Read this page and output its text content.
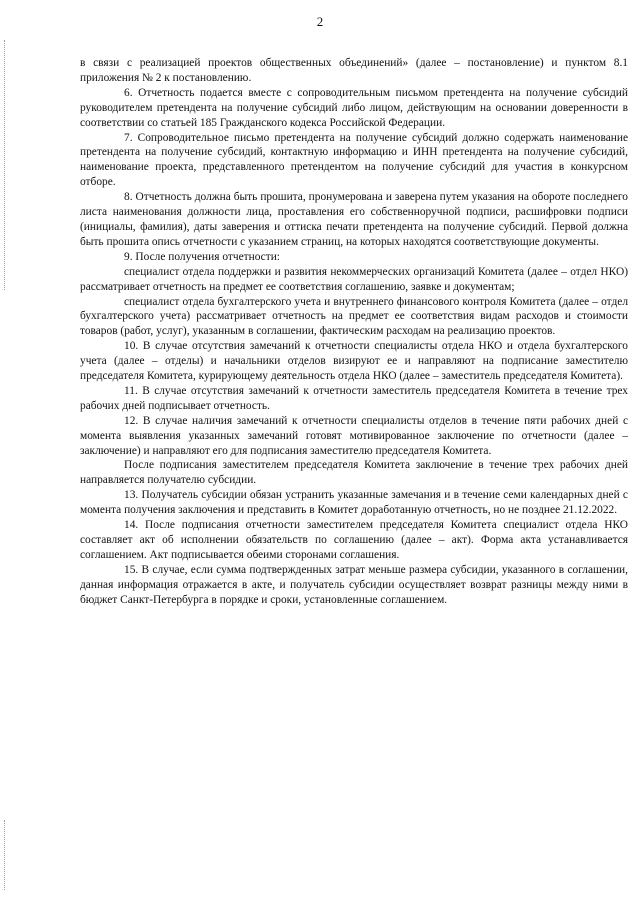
2

в связи с реализацией проектов общественных объединений» (далее – постановление) и пунктом 8.1 приложения № 2 к постановлению.

6. Отчетность подается вместе с сопроводительным письмом претендента на получение субсидий руководителем претендента на получение субсидий либо лицом, действующим на основании доверенности в соответствии со статьей 185 Гражданского кодекса Российской Федерации.

7. Сопроводительное письмо претендента на получение субсидий должно содержать наименование претендента на получение субсидий, контактную информацию и ИНН претендента на получение субсидий, наименование проекта, представленного претендентом на получение субсидий для участия в конкурсном отборе.

8. Отчетность должна быть прошита, пронумерована и заверена путем указания на обороте последнего листа наименования должности лица, проставления его собственноручной подписи, расшифровки подписи (инициалы, фамилия), даты заверения и оттиска печати претендента на получение субсидий. Первой должна быть прошита опись отчетности с указанием страниц, на которых находятся соответствующие документы.

9. После получения отчетности:

специалист отдела поддержки и развития некоммерческих организаций Комитета (далее – отдел НКО) рассматривает отчетность на предмет ее соответствия соглашению, заявке и документам;

специалист отдела бухгалтерского учета и внутреннего финансового контроля Комитета (далее – отдел бухгалтерского учета) рассматривает отчетность на предмет ее соответствия видам расходов и стоимости товаров (работ, услуг), указанным в соглашении, фактическим расходам на реализацию проектов.

10. В случае отсутствия замечаний к отчетности специалисты отдела НКО и отдела бухгалтерского учета (далее – отделы) и начальники отделов визируют ее и направляют на подписание заместителю председателя Комитета, курирующему деятельность отдела НКО (далее – заместитель председателя Комитета).

11. В случае отсутствия замечаний к отчетности заместитель председателя Комитета в течение трех рабочих дней подписывает отчетность.

12. В случае наличия замечаний к отчетности специалисты отделов в течение пяти рабочих дней с момента выявления указанных замечаний готовят мотивированное заключение по отчетности (далее – заключение) и направляют его для подписания заместителю председателя Комитета.

После подписания заместителем председателя Комитета заключение в течение трех рабочих дней направляется получателю субсидии.

13. Получатель субсидии обязан устранить указанные замечания и в течение семи календарных дней с момента получения заключения и представить в Комитет доработанную отчетность, но не позднее 21.12.2022.

14. После подписания отчетности заместителем председателя Комитета специалист отдела НКО составляет акт об исполнении обязательств по соглашению (далее – акт). Форма акта устанавливается соглашением. Акт подписывается обеими сторонами соглашения.

15. В случае, если сумма подтвержденных затрат меньше размера субсидии, указанного в соглашении, данная информация отражается в акте, и получатель субсидии осуществляет возврат разницы между ними в бюджет Санкт-Петербурга в порядке и сроки, установленные соглашением.
